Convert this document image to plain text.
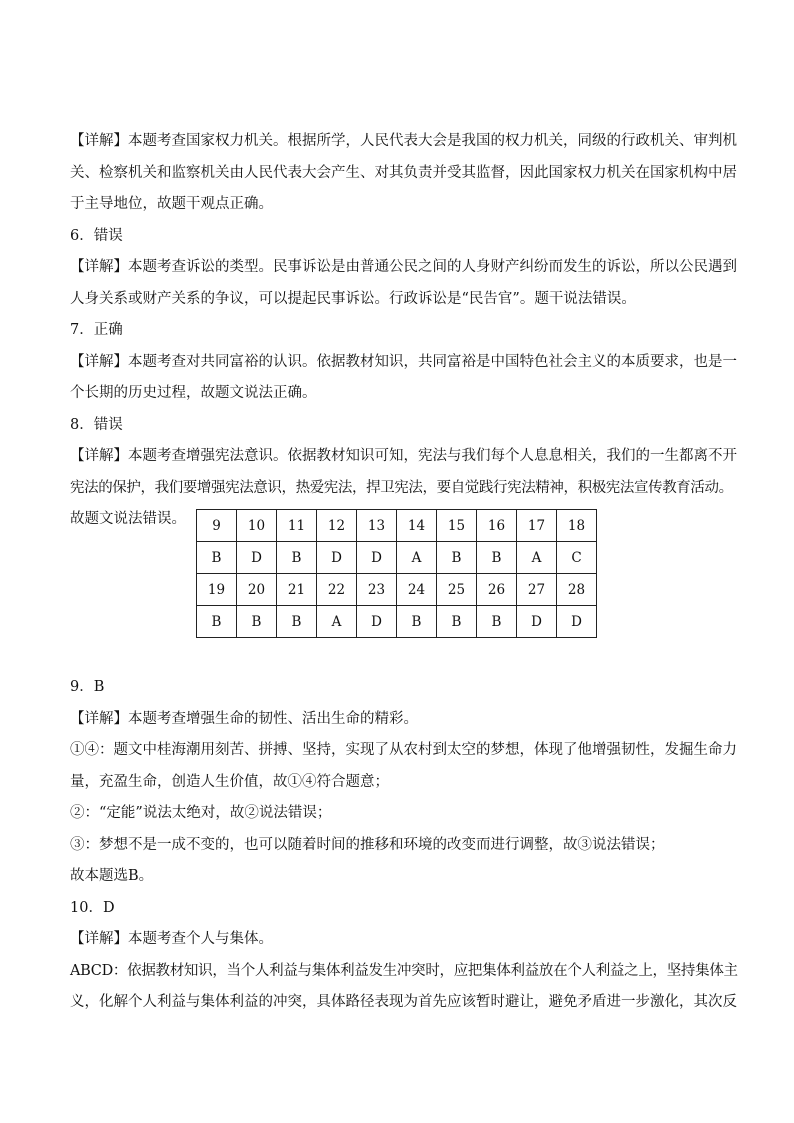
【详解】本题考查国家权力机关。根据所学，人民代表大会是我国的权力机关，同级的行政机关、审判机
关、检察机关和监察机关由人民代表大会产生、对其负责并受其监督，因此国家权力机关在国家机构中居
于主导地位，故题干观点正确。
6．错误
【详解】本题考查诉讼的类型。民事诉讼是由普通公民之间的人身财产纠纷而发生的诉讼，所以公民遇到
人身关系或财产关系的争议，可以提起民事诉讼。行政诉讼是“民告官”。题干说法错误。
7．正确
【详解】本题考查对共同富裕的认识。依据教材知识，共同富裕是中国特色社会主义的本质要求，也是一
个长期的历史过程，故题文说法正确。
8．错误
【详解】本题考查增强宪法意识。依据教材知识可知，宪法与我们每个人息息相关，我们的一生都离不开
宪法的保护，我们要增强宪法意识，热爱宪法，捍卫宪法，要自觉践行宪法精神，积极宪法宣传教育活动。
故题文说法错误。	9	10	11	12	13	14	15	16	17	18
B	D	B	D	D	A	B	B	A	C
19	20	21	22	23	24	25	26	27	28
B	B	B	A	D	B	B	B	D	D
9．B
【详解】本题考查增强生命的韧性、活出生命的精彩。
①④：题文中桂海潮用刻苦、拼搏、坚持，实现了从农村到太空的梦想，体现了他增强韧性，发掘生命力
量，充盈生命，创造人生价值，故①④符合题意；
②：“定能”说法太绝对，故②说法错误；
③：梦想不是一成不变的，也可以随着时间的推移和环境的改变而进行调整，故③说法错误；
故本题选B。
10．D
【详解】本题考查个人与集体。
ABCD：依据教材知识，当个人利益与集体利益发生冲突时，应把集体利益放在个人利益之上，坚持集体主
义，化解个人利益与集体利益的冲突，具体路径表现为首先应该暂时避让，避免矛盾进一步激化，其次反
